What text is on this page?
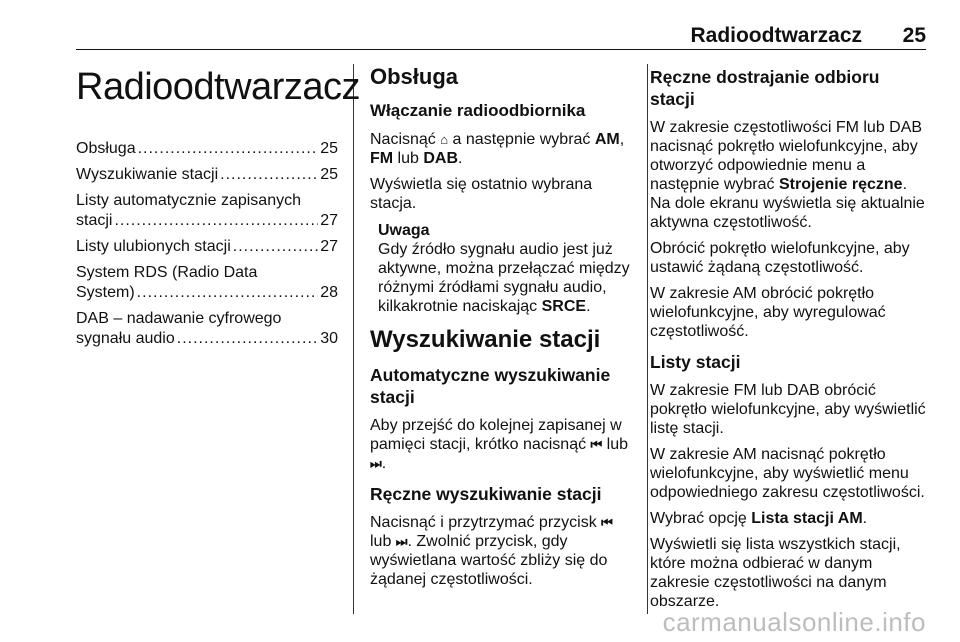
Radioodtwarzacz 25
Radioodtwarzacz
Obsługa .....	25
Wyszukiwanie stacji .....	25
Listy automatycznie zapisanych
stacji .....	27
Listy ulubionych stacji .....	27
System RDS (Radio Data
System) .....	28
DAB – nadawanie cyfrowego
sygnału audio .....	30
Obsługa
Włączanie radioodbiornika

Nacisnąć ⌂ a następnie wybrać AM, FM lub DAB.

Wyświetla się ostatnio wybrana stacja.

Uwaga

Gdy źródło sygnału audio jest już aktywne, można przełączać między różnymi źródłami sygnału audio, kilkakrotnie naciskając SRCE.

Wyszukiwanie stacji
Automatyczne wyszukiwanie stacji

Aby przejść do kolejnej zapisanej w pamięci stacji, krótko nacisnąć ⏮ lub ⏭.

Ręczne wyszukiwanie stacji

Nacisnąć i przytrzymać przycisk ⏮ lub ⏭. Zwolnić przycisk, gdy wyświetlana wartość zbliży się do żądanej częstotliwości.

Ręczne dostrajanie odbioru stacji

W zakresie częstotliwości FM lub DAB nacisnąć pokrętło wielofunkcyjne, aby otworzyć odpowiednie menu a następnie wybrać Strojenie ręczne. Na dole ekranu wyświetla się aktualnie aktywna częstotliwość.

Obrócić pokrętło wielofunkcyjne, aby ustawić żądaną częstotliwość.

W zakresie AM obrócić pokrętło wielofunkcyjne, aby wyregulować częstotliwość.

Listy stacji

W zakresie FM lub DAB obrócić pokrętło wielofunkcyjne, aby wyświetlić listę stacji.

W zakresie AM nacisnąć pokrętło wielofunkcyjne, aby wyświetlić menu odpowiedniego zakresu częstotliwości.

Wybrać opcję Lista stacji AM.

Wyświetli się lista wszystkich stacji, które można odbierać w danym zakresie częstotliwości na danym obszarze.

carmanualsonline.info
